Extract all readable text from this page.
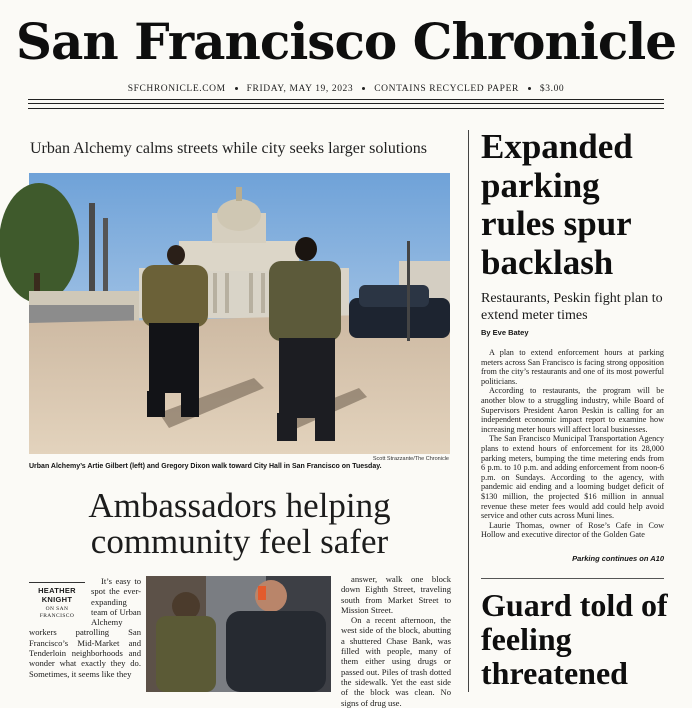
San Francisco Chronicle
SFCHRONICLE.COM FRIDAY, MAY 19, 2023 CONTAINS RECYCLED PAPER $3.00
Urban Alchemy calms streets while city seeks larger solutions
Scott Strazzante/The Chronicle
Urban Alchemy’s Artie Gilbert (left) and Gregory Dixon walk toward City Hall in San Francisco on Tuesday.
Ambassadors helping
community feel safer
HEATHER KNIGHT
ON SAN FRANCISCO

It’s easy to spot the ever-expanding team of Urban Alchemy workers patrolling San Francisco’s Mid-Market and Tenderloin neighborhoods and wonder what exactly they do. Sometimes, it seems like they

answer, walk one block down Eighth Street, traveling south from Market Street to Mission Street.

On a recent afternoon, the west side of the block, abutting a shuttered Chase Bank, was filled with people, many of them either using drugs or passed out. Piles of trash dotted the sidewalk. Yet the east side of the block was clean. No signs of drug use.

Expanded parking rules spur backlash
Restaurants, Peskin fight plan to extend meter times
By Eve Batey

A plan to extend enforcement hours at parking meters across San Francisco is facing strong opposition from the city’s restaurants and one of its most powerful politicians.

According to restaurants, the program will be another blow to a struggling industry, while Board of Supervisors President Aaron Peskin is calling for an independent economic impact report to examine how increasing meter hours will affect local businesses.

The San Francisco Municipal Transportation Agency plans to extend hours of enforcement for its 28,000 parking meters, bumping the time metering ends from 6 p.m. to 10 p.m. and adding enforcement from noon-6 p.m. on Sundays. According to the agency, with pandemic aid ending and a looming budget deficit of $130 million, the projected $16 million in annual revenue these meter fees would add could help avoid service and other cuts across Muni lines.

Laurie Thomas, owner of Rose’s Cafe in Cow Hollow and executive director of the Golden Gate

Parking continues on A10
Guard told of feeling threatened
